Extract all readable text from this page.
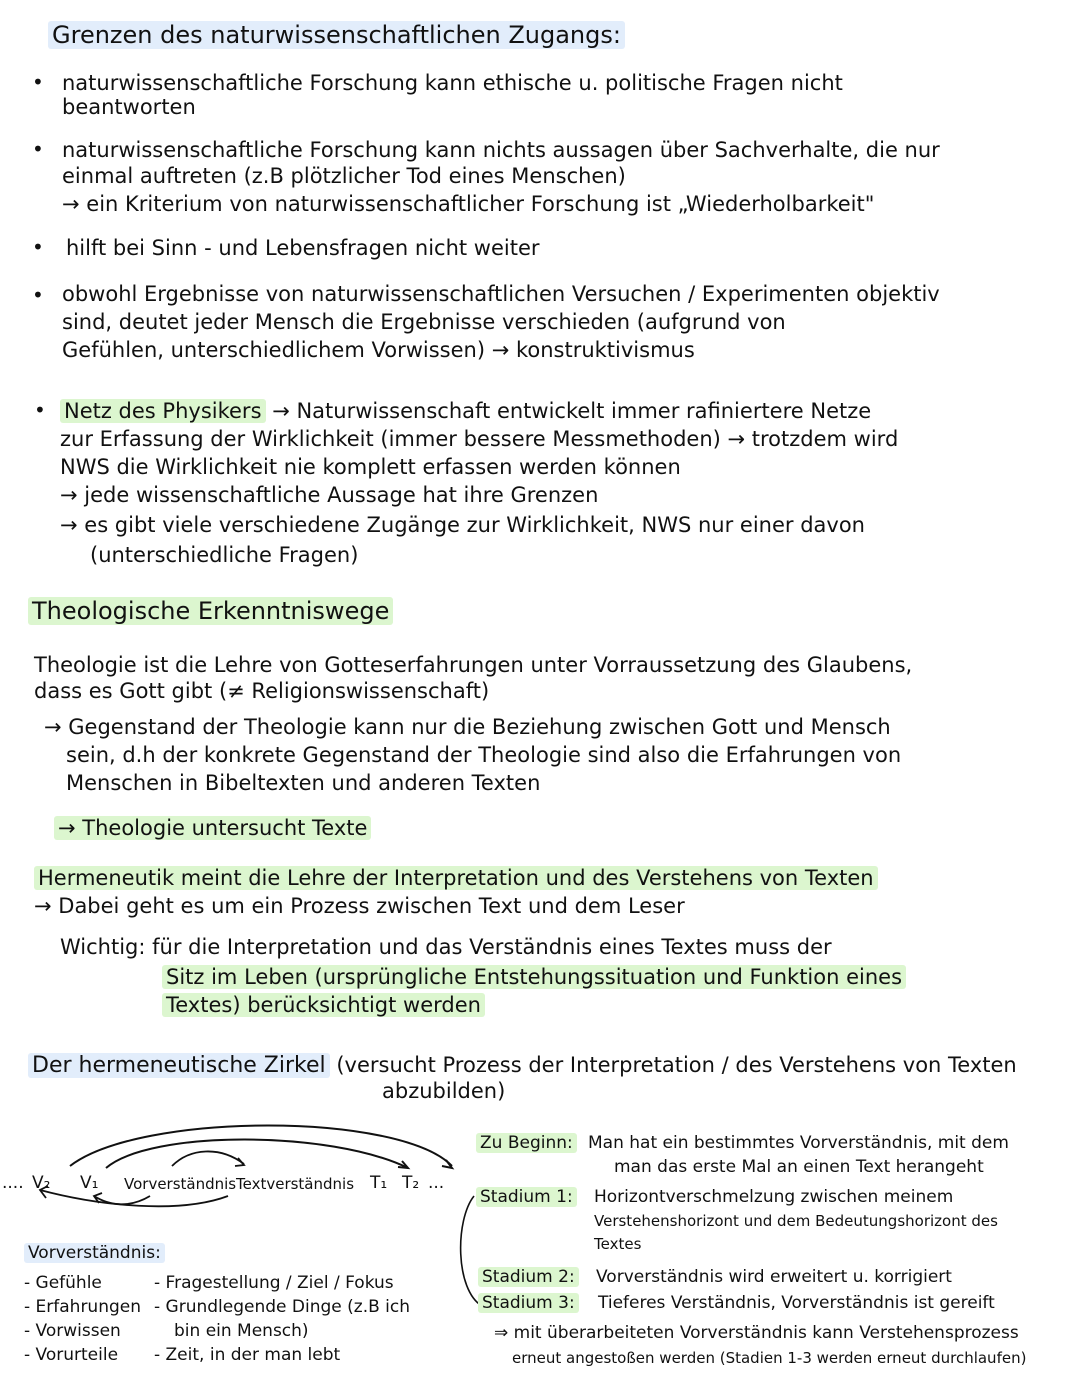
Grenzen des naturwissenschaftlichen Zugangs:
• naturwissenschaftliche Forschung kann ethische u. politische Fragen nicht
beantworten
• naturwissenschaftliche Forschung kann nichts aussagen über Sachverhalte, die nur
einmal auftreten (z.B plötzlicher Tod eines Menschen)
→ ein Kriterium von naturwissenschaftlicher Forschung ist „Wiederholbarkeit"
• hilft bei Sinn - und Lebensfragen nicht weiter
• obwohl Ergebnisse von naturwissenschaftlichen Versuchen / Experimenten objektiv
sind, deutet jeder Mensch die Ergebnisse verschieden (aufgrund von
Gefühlen, unterschiedlichem Vorwissen) → konstruktivismus
• Netz des Physikers → Naturwissenschaft entwickelt immer rafiniertere Netze
zur Erfassung der Wirklichkeit (immer bessere Messmethoden) → trotzdem wird
NWS die Wirklichkeit nie komplett erfassen werden können
→ jede wissenschaftliche Aussage hat ihre Grenzen
→ es gibt viele verschiedene Zugänge zur Wirklichkeit, NWS nur einer davon
(unterschiedliche Fragen)
Theologische Erkenntniswege
Theologie ist die Lehre von Gotteserfahrungen unter Vorraussetzung des Glaubens,
dass es Gott gibt (≠ Religionswissenschaft)
→ Gegenstand der Theologie kann nur die Beziehung zwischen Gott und Mensch
sein, d.h der konkrete Gegenstand der Theologie sind also die Erfahrungen von
Menschen in Bibeltexten und anderen Texten
→ Theologie untersucht Texte
Hermeneutik meint die Lehre der Interpretation und des Verstehens von Texten
→ Dabei geht es um ein Prozess zwischen Text und dem Leser
Wichtig: für die Interpretation und das Verständnis eines Textes muss der
Sitz im Leben (ursprüngliche Entstehungssituation und Funktion eines
Textes) berücksichtigt werden
Der hermeneutische Zirkel (versucht Prozess der Interpretation / des Verstehens von Texten
abzubilden)
.... V₂ V₁ Vorverständnis Textverständnis T₁ T₂ ...
Vorverständnis:
- Gefühle
- Erfahrungen
- Vorwissen
- Vorurteile
- Fragestellung / Ziel / Fokus
- Grundlegende Dinge (z.B ich
bin ein Mensch)
- Zeit, in der man lebt
Zu Beginn: Man hat ein bestimmtes Vorverständnis, mit dem
man das erste Mal an einen Text herangeht
Stadium 1: Horizontverschmelzung zwischen meinem
Verstehenshorizont und dem Bedeutungshorizont des
Textes
Stadium 2: Vorverständnis wird erweitert u. korrigiert
Stadium 3: Tieferes Verständnis, Vorverständnis ist gereift
⇒ mit überarbeiteten Vorverständnis kann Verstehensprozess
erneut angestoßen werden (Stadien 1-3 werden erneut durchlaufen)
